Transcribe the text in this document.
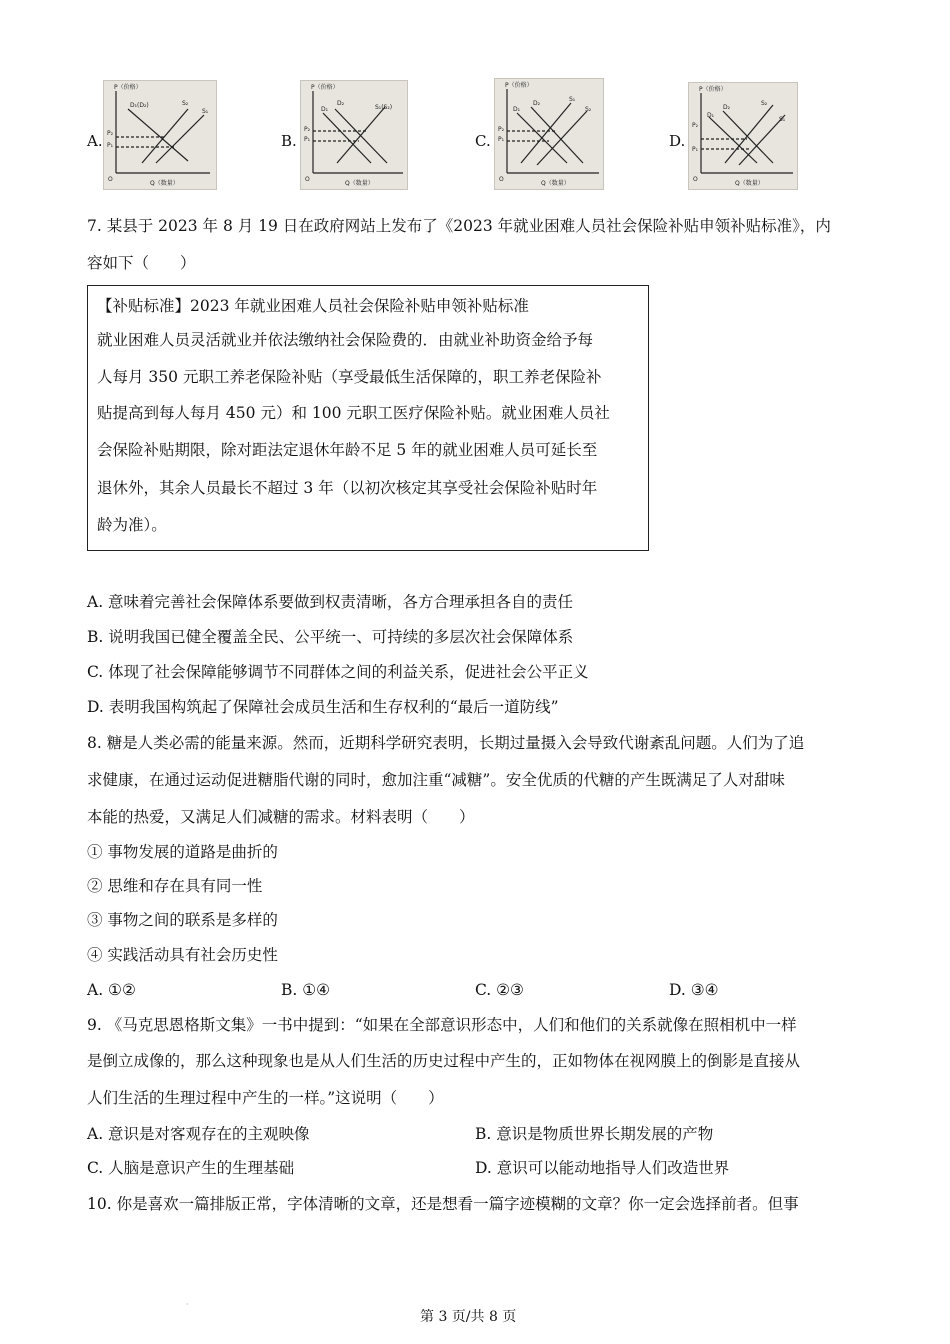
A.
P（价格）
Q（数量）
O
P₂
P₁
D₁(D₂)	S₂
S₁
B.
P（价格）
Q（数量）
O
P₂
P₁
D₁
D₂
S₁(S₂)
C.
P（价格）
Q（数量）
O
P₂
P₁
D₁
D₂
S₁
S₂
D.
P（价格）
Q（数量）
O
P₂
P₁
D₁
D₂
S₂
S₁
7. 某县于 2023 年 8 月 19 日在政府网站上发布了《2023 年就业困难人员社会保险补贴申领补贴标准》，内
容如下（　　）
【补贴标准】2023 年就业困难人员社会保险补贴申领补贴标准
就业困难人员灵活就业并依法缴纳社会保险费的．由就业补助资金给予每
人每月 350 元职工养老保险补贴（享受最低生活保障的，职工养老保险补
贴提高到每人每月 450 元）和 100 元职工医疗保险补贴。就业困难人员社
会保险补贴期限，除对距法定退休年龄不足 5 年的就业困难人员可延长至
退休外，其余人员最长不超过 3 年（以初次核定其享受社会保险补贴时年
龄为准）。
A. 意味着完善社会保障体系要做到权责清晰，各方合理承担各自的责任
B. 说明我国已健全覆盖全民、公平统一、可持续的多层次社会保障体系
C. 体现了社会保障能够调节不同群体之间的利益关系，促进社会公平正义
D. 表明我国构筑起了保障社会成员生活和生存权利的“最后一道防线”
8. 糖是人类必需的能量来源。然而，近期科学研究表明，长期过量摄入会导致代谢紊乱问题。人们为了追
求健康，在通过运动促进糖脂代谢的同时，愈加注重“减糖”。安全优质的代糖的产生既满足了人对甜味
本能的热爱，又满足人们减糖的需求。材料表明（　　）
① 事物发展的道路是曲折的
② 思维和存在具有同一性
③ 事物之间的联系是多样的
④ 实践活动具有社会历史性
A. ①②	B. ①④	C. ②③	D. ③④
9. 《马克思恩格斯文集》一书中提到：“如果在全部意识形态中，人们和他们的关系就像在照相机中一样
是倒立成像的，那么这种现象也是从人们生活的历史过程中产生的，正如物体在视网膜上的倒影是直接从
人们生活的生理过程中产生的一样。”这说明（　　）
A. 意识是对客观存在的主观映像	B. 意识是物质世界长期发展的产物
C. 人脑是意识产生的生理基础	D. 意识可以能动地指导人们改造世界
10. 你是喜欢一篇排版正常，字体清晰的文章，还是想看一篇字迹模糊的文章？你一定会选择前者。但事
·
第 3 页/共 8 页
